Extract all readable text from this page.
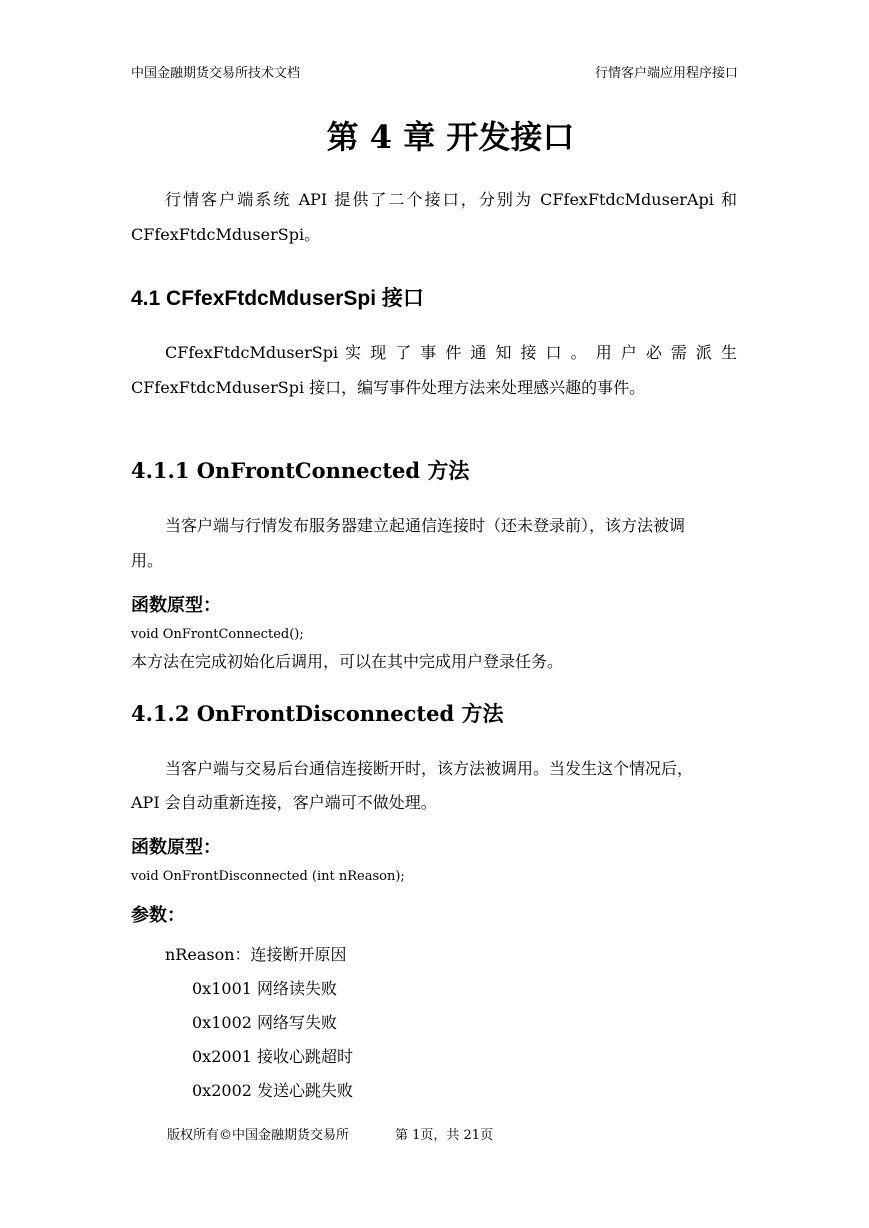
中国金融期货交易所技术文档	行情客户端应用程序接口
第 4 章 开发接口
行情客户端系统 API 提供了二个接口，分别为 CFfexFtdcMduserApi 和
CFfexFtdcMduserSpi。
4.1 CFfexFtdcMduserSpi 接口
CFfexFtdcMduserSpi 实 现 了 事 件 通 知 接 口 。 用 户 必 需 派 生
CFfexFtdcMduserSpi 接口，编写事件处理方法来处理感兴趣的事件。
4.1.1 OnFrontConnected 方法
当客户端与行情发布服务器建立起通信连接时（还未登录前），该方法被调
用。
函数原型：
void OnFrontConnected();
本方法在完成初始化后调用，可以在其中完成用户登录任务。
4.1.2 OnFrontDisconnected 方法
当客户端与交易后台通信连接断开时，该方法被调用。当发生这个情况后，
API 会自动重新连接，客户端可不做处理。
函数原型：
void OnFrontDisconnected (int nReason);
参数：
nReason：连接断开原因
0x1001 网络读失败
0x1002 网络写失败
0x2001 接收心跳超时
0x2002 发送心跳失败
版权所有©中国金融期货交易所	第 1页，共 21页
